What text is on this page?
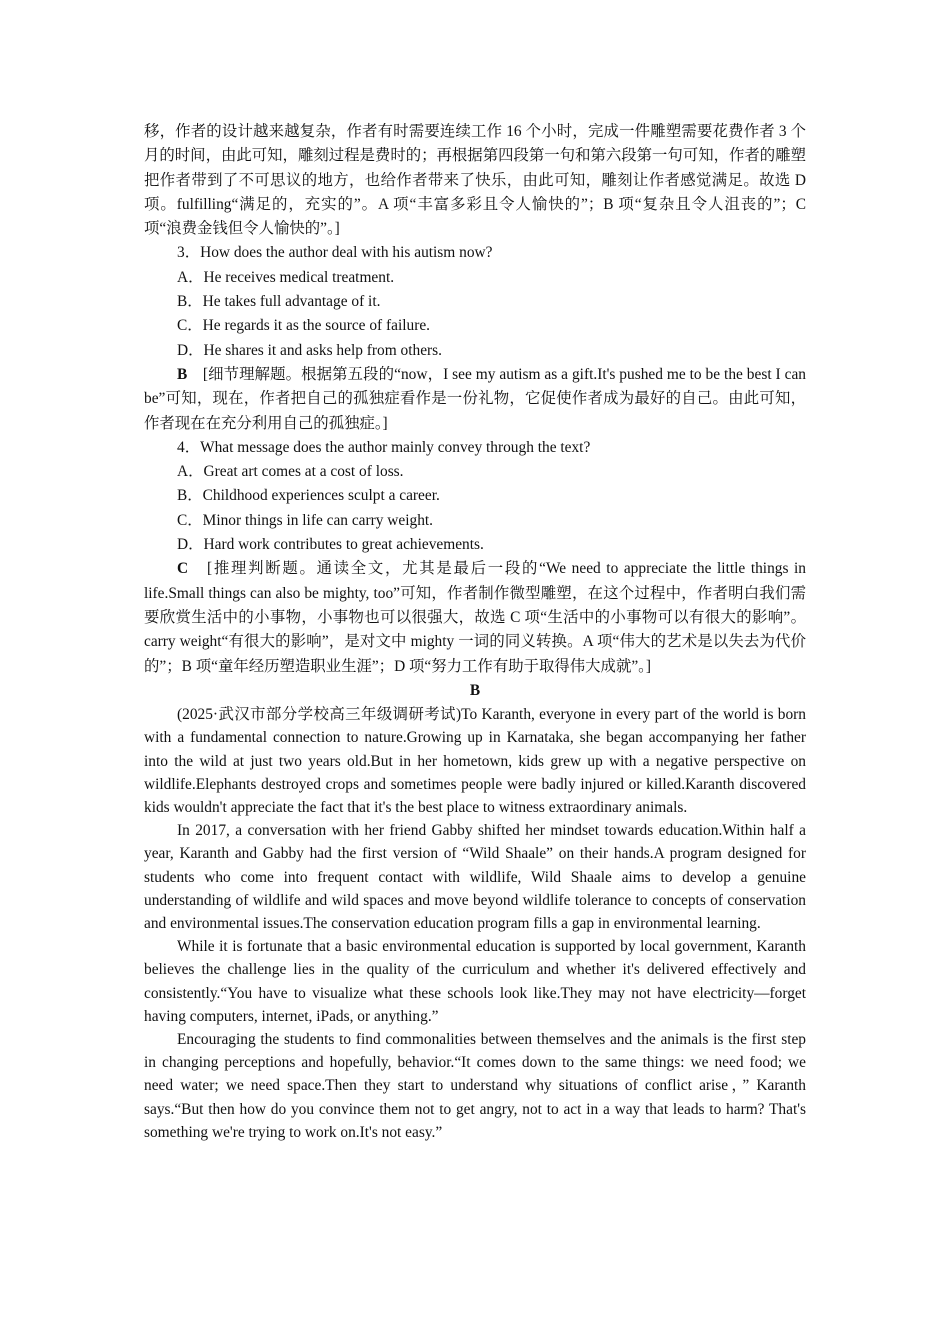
移，作者的设计越来越复杂，作者有时需要连续工作 16 个小时，完成一件雕塑需要花费作者 3 个月的时间，由此可知，雕刻过程是费时的；再根据第四段第一句和第六段第一句可知，作者的雕塑把作者带到了不可思议的地方，也给作者带来了快乐，由此可知，雕刻让作者感觉满足。故选 D 项。fulfilling“满足的，充实的”。A 项“丰富多彩且令人愉快的”；B 项“复杂且令人沮丧的”；C 项“浪费金钱但令人愉快的”。]

3．How does the author deal with his autism now?

A．He receives medical treatment.

B．He takes full advantage of it.

C．He regards it as the source of failure.

D．He shares it and asks help from others.

B　 [细节理解题。根据第五段的“now，I see my autism as a gift.It's pushed me to be the best I can be”可知，现在，作者把自己的孤独症看作是一份礼物，它促使作者成为最好的自己。由此可知，作者现在在充分利用自己的孤独症。]

4．What message does the author mainly convey through the text?

A．Great art comes at a cost of loss.

B．Childhood experiences sculpt a career.

C．Minor things in life can carry weight.

D．Hard work contributes to great achievements.

C　 [推理判断题。通读全文，尤其是最后一段的“We need to appreciate the little things in life.Small things can also be mighty, too”可知，作者制作微型雕塑，在这个过程中，作者明白我们需要欣赏生活中的小事物，小事物也可以很强大，故选 C 项“生活中的小事物可以有很大的影响”。carry weight“有很大的影响”，是对文中 mighty 一词的同义转换。A 项“伟大的艺术是以失去为代价的”；B 项“童年经历塑造职业生涯”；D 项“努力工作有助于取得伟大成就”。]

B

(2025·武汉市部分学校高三年级调研考试)To Karanth, everyone in every part of the world is born with a fundamental connection to nature.Growing up in Karnataka, she began accompanying her father into the wild at just two years old.But in her hometown, kids grew up with a negative perspective on wildlife.Elephants destroyed crops and sometimes people were badly injured or killed.Karanth discovered kids wouldn't appreciate the fact that it's the best place to witness extraordinary animals.

In 2017, a conversation with her friend Gabby shifted her mindset towards education.Within half a year, Karanth and Gabby had the first version of “Wild Shaale” on their hands.A program designed for students who come into frequent contact with wildlife, Wild Shaale aims to develop a genuine understanding of wildlife and wild spaces and move beyond wildlife tolerance to concepts of conservation and environmental issues.The conservation education program fills a gap in environmental learning.

While it is fortunate that a basic environmental education is supported by local government, Karanth believes the challenge lies in the quality of the curriculum and whether it's delivered effectively and consistently.“You have to visualize what these schools look like.They may not have electricity—forget having computers, internet, iPads, or anything.”

Encouraging the students to find commonalities between themselves and the animals is the first step in changing perceptions and hopefully, behavior.“It comes down to the same things: we need food; we need water; we need space.Then they start to understand why situations of conflict arise，” Karanth says.“But then how do you convince them not to get angry, not to act in a way that leads to harm? That's something we're trying to work on.It's not easy.”
